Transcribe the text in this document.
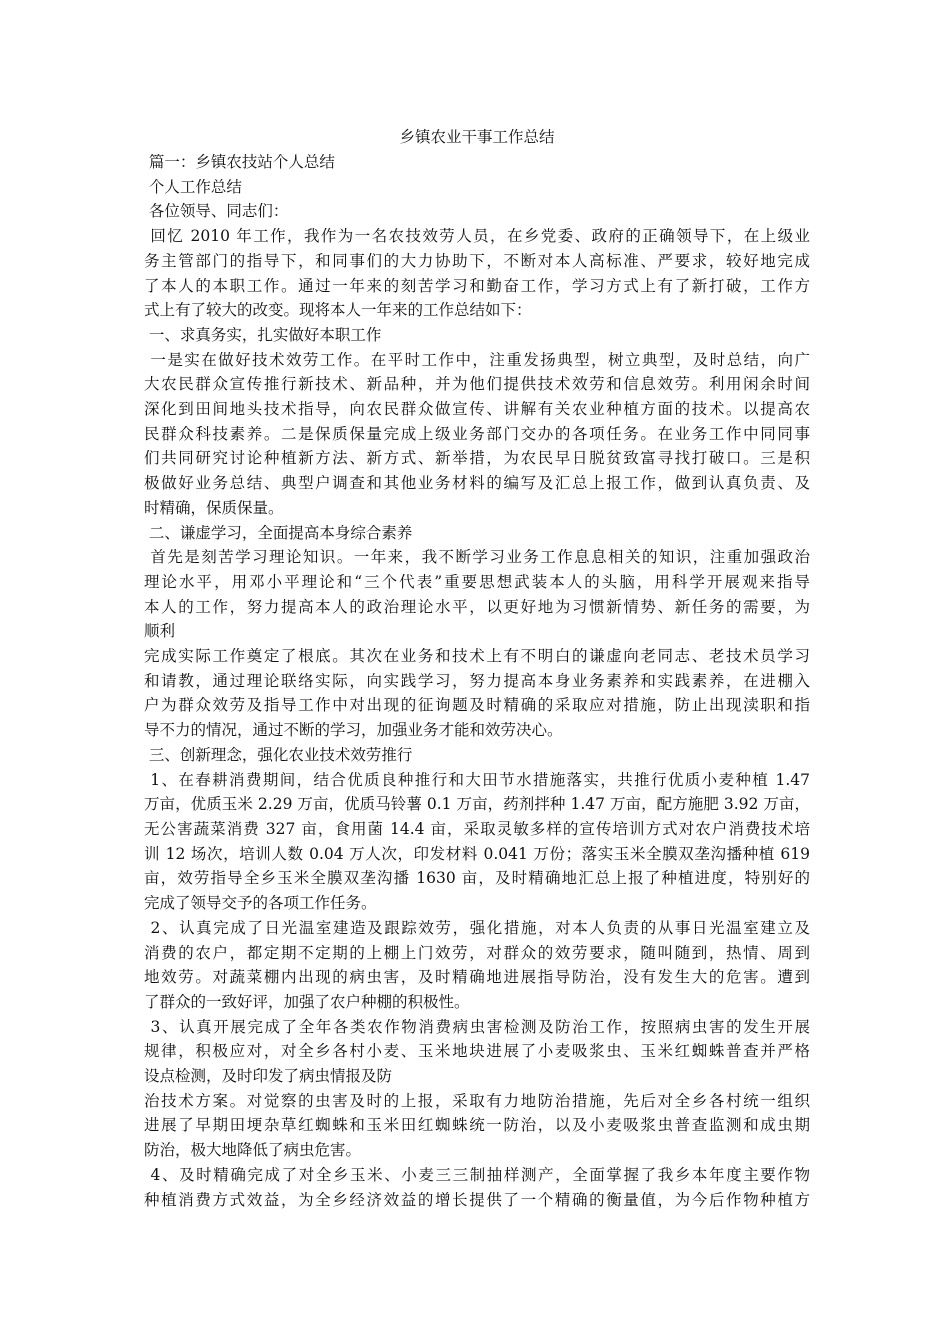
乡镇农业干事工作总结
篇一：乡镇农技站个人总结
个人工作总结
各位领导、同志们：
回忆 2010 年工作，我作为一名农技效劳人员，在乡党委、政府的正确领导下，在上级业
务主管部门的指导下，和同事们的大力协助下，不断对本人高标准、严要求，较好地完成
了本人的本职工作。通过一年来的刻苦学习和勤奋工作，学习方式上有了新打破，工作方
式上有了较大的改变。现将本人一年来的工作总结如下：
一、求真务实，扎实做好本职工作
一是实在做好技术效劳工作。在平时工作中，注重发扬典型，树立典型，及时总结，向广
大农民群众宣传推行新技术、新品种，并为他们提供技术效劳和信息效劳。利用闲余时间
深化到田间地头技术指导，向农民群众做宣传、讲解有关农业种植方面的技术。以提高农
民群众科技素养。二是保质保量完成上级业务部门交办的各项任务。在业务工作中同同事
们共同研究讨论种植新方法、新方式、新举措，为农民早日脱贫致富寻找打破口。三是积
极做好业务总结、典型户调查和其他业务材料的编写及汇总上报工作，做到认真负责、及
时精确，保质保量。
二、谦虚学习，全面提高本身综合素养
首先是刻苦学习理论知识。一年来，我不断学习业务工作息息相关的知识，注重加强政治
理论水平，用邓小平理论和“三个代表”重要思想武装本人的头脑，用科学开展观来指导
本人的工作，努力提高本人的政治理论水平，以更好地为习惯新情势、新任务的需要，为
顺利
完成实际工作奠定了根底。其次在业务和技术上有不明白的谦虚向老同志、老技术员学习
和请教，通过理论联络实际，向实践学习，努力提高本身业务素养和实践素养，在进棚入
户为群众效劳及指导工作中对出现的征询题及时精确的采取应对措施，防止出现渎职和指
导不力的情况，通过不断的学习，加强业务才能和效劳决心。
三、创新理念，强化农业技术效劳推行
1、在春耕消费期间，结合优质良种推行和大田节水措施落实，共推行优质小麦种植 1.47
万亩，优质玉米 2.29 万亩，优质马铃薯 0.1 万亩，药剂拌种 1.47 万亩，配方施肥 3.92 万亩，
无公害蔬菜消费 327 亩，食用菌 14.4 亩，采取灵敏多样的宣传培训方式对农户消费技术培
训 12 场次，培训人数 0.04 万人次，印发材料 0.041 万份；落实玉米全膜双垄沟播种植 619
亩，效劳指导全乡玉米全膜双垄沟播 1630 亩，及时精确地汇总上报了种植进度，特别好的
完成了领导交予的各项工作任务。
2、认真完成了日光温室建造及跟踪效劳，强化措施，对本人负责的从事日光温室建立及
消费的农户，都定期不定期的上棚上门效劳，对群众的效劳要求，随叫随到，热情、周到
地效劳。对蔬菜棚内出现的病虫害，及时精确地进展指导防治，没有发生大的危害。遭到
了群众的一致好评，加强了农户种棚的积极性。
3、认真开展完成了全年各类农作物消费病虫害检测及防治工作，按照病虫害的发生开展
规律，积极应对，对全乡各村小麦、玉米地块进展了小麦吸浆虫、玉米红蜘蛛普查并严格
设点检测，及时印发了病虫情报及防
治技术方案。对觉察的虫害及时的上报，采取有力地防治措施，先后对全乡各村统一组织
进展了早期田埂杂草红蜘蛛和玉米田红蜘蛛统一防治，以及小麦吸浆虫普查监测和成虫期
防治，极大地降低了病虫危害。
4、及时精确完成了对全乡玉米、小麦三三制抽样测产，全面掌握了我乡本年度主要作物
种植消费方式效益，为全乡经济效益的增长提供了一个精确的衡量值，为今后作物种植方
